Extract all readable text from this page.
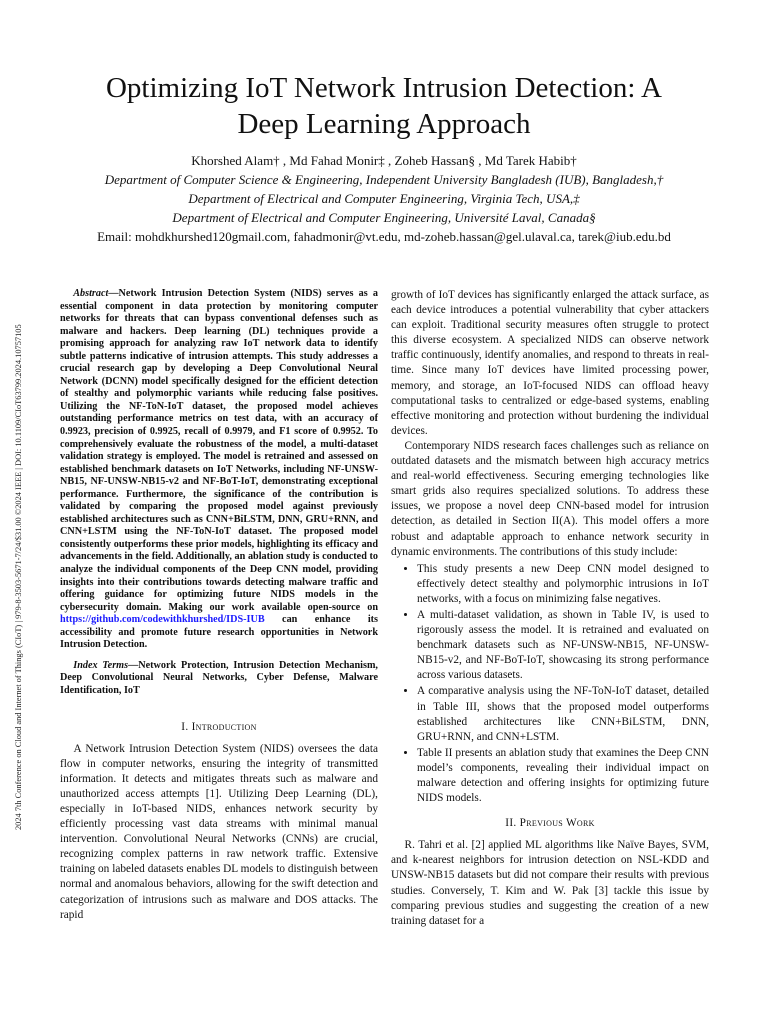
2024 7th Conference on Cloud and Internet of Things (CIoT) | 979-8-3503-5671-7/24/$31.00 ©2024 IEEE | DOI: 10.1109/CIoT63799.2024.10757105
Optimizing IoT Network Intrusion Detection: A
Deep Learning Approach
Khorshed Alam† , Md Fahad Monir‡ , Zoheb Hassan§ , Md Tarek Habib†
Department of Computer Science & Engineering, Independent University Bangladesh (IUB), Bangladesh,†
Department of Electrical and Computer Engineering, Virginia Tech, USA,‡
Department of Electrical and Computer Engineering, Université Laval, Canada§
Email: mohdkhurshed120gmail.com, fahadmonir@vt.edu, md-zoheb.hassan@gel.ulaval.ca, tarek@iub.edu.bd

Abstract—Network Intrusion Detection System (NIDS) serves as a essential component in data protection by monitoring computer networks for threats that can bypass conventional defenses such as malware and hackers. Deep learning (DL) techniques provide a promising approach for analyzing raw IoT network data to identify subtle patterns indicative of intrusion attempts. This study addresses a crucial research gap by developing a Deep Convolutional Neural Network (DCNN) model specifically designed for the efficient detection of stealthy and polymorphic variants while reducing false positives. Utilizing the NF-ToN-IoT dataset, the proposed model achieves outstanding performance metrics on test data, with an accuracy of 0.9923, precision of 0.9925, recall of 0.9979, and F1 score of 0.9952. To comprehensively evaluate the robustness of the model, a multi-dataset validation strategy is employed. The model is retrained and assessed on established benchmark datasets on IoT Networks, including NF-UNSW-NB15, NF-UNSW-NB15-v2 and NF-BoT-IoT, demonstrating exceptional performance. Furthermore, the significance of the contribution is validated by comparing the proposed model against previously established architectures such as CNN+BiLSTM, DNN, GRU+RNN, and CNN+LSTM using the NF-ToN-IoT dataset. The proposed model consistently outperforms these prior models, highlighting its efficacy and advancements in the field. Additionally, an ablation study is conducted to analyze the individual components of the Deep CNN model, providing insights into their contributions towards detecting malware traffic and offering guidance for optimizing future NIDS models in the cybersecurity domain. Making our work available open-source on https://github.com/codewithkhurshed/IDS-IUB can enhance its accessibility and promote future research opportunities in Network Intrusion Detection.

Index Terms—Network Protection, Intrusion Detection Mechanism, Deep Convolutional Neural Networks, Cyber Defense, Malware Identification, IoT

I. Introduction

A Network Intrusion Detection System (NIDS) oversees the data flow in computer networks, ensuring the integrity of transmitted information. It detects and mitigates threats such as malware and unauthorized access attempts [1]. Utilizing Deep Learning (DL), especially in IoT-based NIDS, enhances network security by efficiently processing vast data streams with minimal manual intervention. Convolutional Neural Networks (CNNs) are crucial, recognizing complex patterns in raw network traffic. Extensive training on labeled datasets enables DL models to distinguish between normal and anomalous behaviors, allowing for the swift detection and categorization of intrusions such as malware and DOS attacks. The rapid

growth of IoT devices has significantly enlarged the attack surface, as each device introduces a potential vulnerability that cyber attackers can exploit. Traditional security measures often struggle to protect this diverse ecosystem. A specialized NIDS can observe network traffic continuously, identify anomalies, and respond to threats in real-time. Since many IoT devices have limited processing power, memory, and storage, an IoT-focused NIDS can offload heavy computational tasks to centralized or edge-based systems, enabling effective monitoring and protection without burdening the individual devices.

Contemporary NIDS research faces challenges such as reliance on outdated datasets and the mismatch between high accuracy metrics and real-world effectiveness. Securing emerging technologies like smart grids also requires specialized solutions. To address these issues, we propose a novel deep CNN-based model for intrusion detection, as detailed in Section II(A). This model offers a more robust and adaptable approach to enhance network security in dynamic environments. The contributions of this study include:

• This study presents a new Deep CNN model designed to effectively detect stealthy and polymorphic intrusions in IoT networks, with a focus on minimizing false negatives.
• A multi-dataset validation, as shown in Table IV, is used to rigorously assess the model. It is retrained and evaluated on benchmark datasets such as NF-UNSW-NB15, NF-UNSW-NB15-v2, and NF-BoT-IoT, showcasing its strong performance across various datasets.
• A comparative analysis using the NF-ToN-IoT dataset, detailed in Table III, shows that the proposed model outperforms established architectures like CNN+BiLSTM, DNN, GRU+RNN, and CNN+LSTM.
• Table II presents an ablation study that examines the Deep CNN model’s components, revealing their individual impact on malware detection and offering insights for optimizing future NIDS models.
II. Previous Work

R. Tahri et al. [2] applied ML algorithms like Naïve Bayes, SVM, and k-nearest neighbors for intrusion detection on NSL-KDD and UNSW-NB15 datasets but did not compare their results with previous studies. Conversely, T. Kim and W. Pak [3] tackle this issue by comparing previous studies and suggesting the creation of a new training dataset for a
